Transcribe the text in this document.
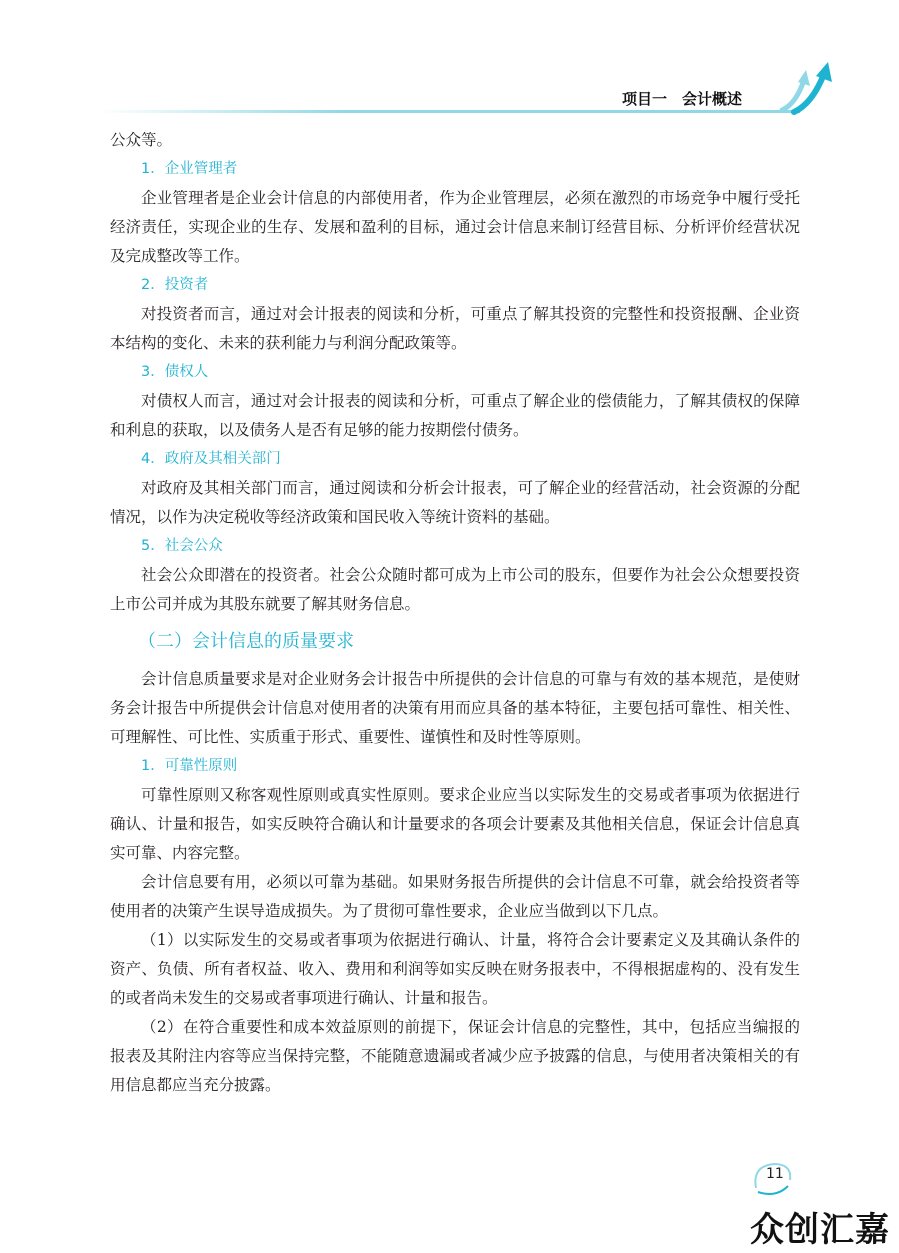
项目一　会计概述

公众等。

1．企业管理者

企业管理者是企业会计信息的内部使用者，作为企业管理层，必须在激烈的市场竞争中履行受托经济责任，实现企业的生存、发展和盈利的目标，通过会计信息来制订经营目标、分析评价经营状况及完成整改等工作。

2．投资者

对投资者而言，通过对会计报表的阅读和分析，可重点了解其投资的完整性和投资报酬、企业资本结构的变化、未来的获利能力与利润分配政策等。

3．债权人

对债权人而言，通过对会计报表的阅读和分析，可重点了解企业的偿债能力，了解其债权的保障和利息的获取，以及债务人是否有足够的能力按期偿付债务。

4．政府及其相关部门

对政府及其相关部门而言，通过阅读和分析会计报表，可了解企业的经营活动，社会资源的分配情况，以作为决定税收等经济政策和国民收入等统计资料的基础。

5．社会公众

社会公众即潜在的投资者。社会公众随时都可成为上市公司的股东，但要作为社会公众想要投资上市公司并成为其股东就要了解其财务信息。

（二）会计信息的质量要求

会计信息质量要求是对企业财务会计报告中所提供的会计信息的可靠与有效的基本规范，是使财务会计报告中所提供会计信息对使用者的决策有用而应具备的基本特征，主要包括可靠性、相关性、可理解性、可比性、实质重于形式、重要性、谨慎性和及时性等原则。

1．可靠性原则

可靠性原则又称客观性原则或真实性原则。要求企业应当以实际发生的交易或者事项为依据进行确认、计量和报告，如实反映符合确认和计量要求的各项会计要素及其他相关信息，保证会计信息真实可靠、内容完整。

会计信息要有用，必须以可靠为基础。如果财务报告所提供的会计信息不可靠，就会给投资者等使用者的决策产生误导造成损失。为了贯彻可靠性要求，企业应当做到以下几点。

（1）以实际发生的交易或者事项为依据进行确认、计量，将符合会计要素定义及其确认条件的资产、负债、所有者权益、收入、费用和利润等如实反映在财务报表中，不得根据虚构的、没有发生的或者尚未发生的交易或者事项进行确认、计量和报告。

（2）在符合重要性和成本效益原则的前提下，保证会计信息的完整性，其中，包括应当编报的报表及其附注内容等应当保持完整，不能随意遗漏或者减少应予披露的信息，与使用者决策相关的有用信息都应当充分披露。

11
众创汇嘉
